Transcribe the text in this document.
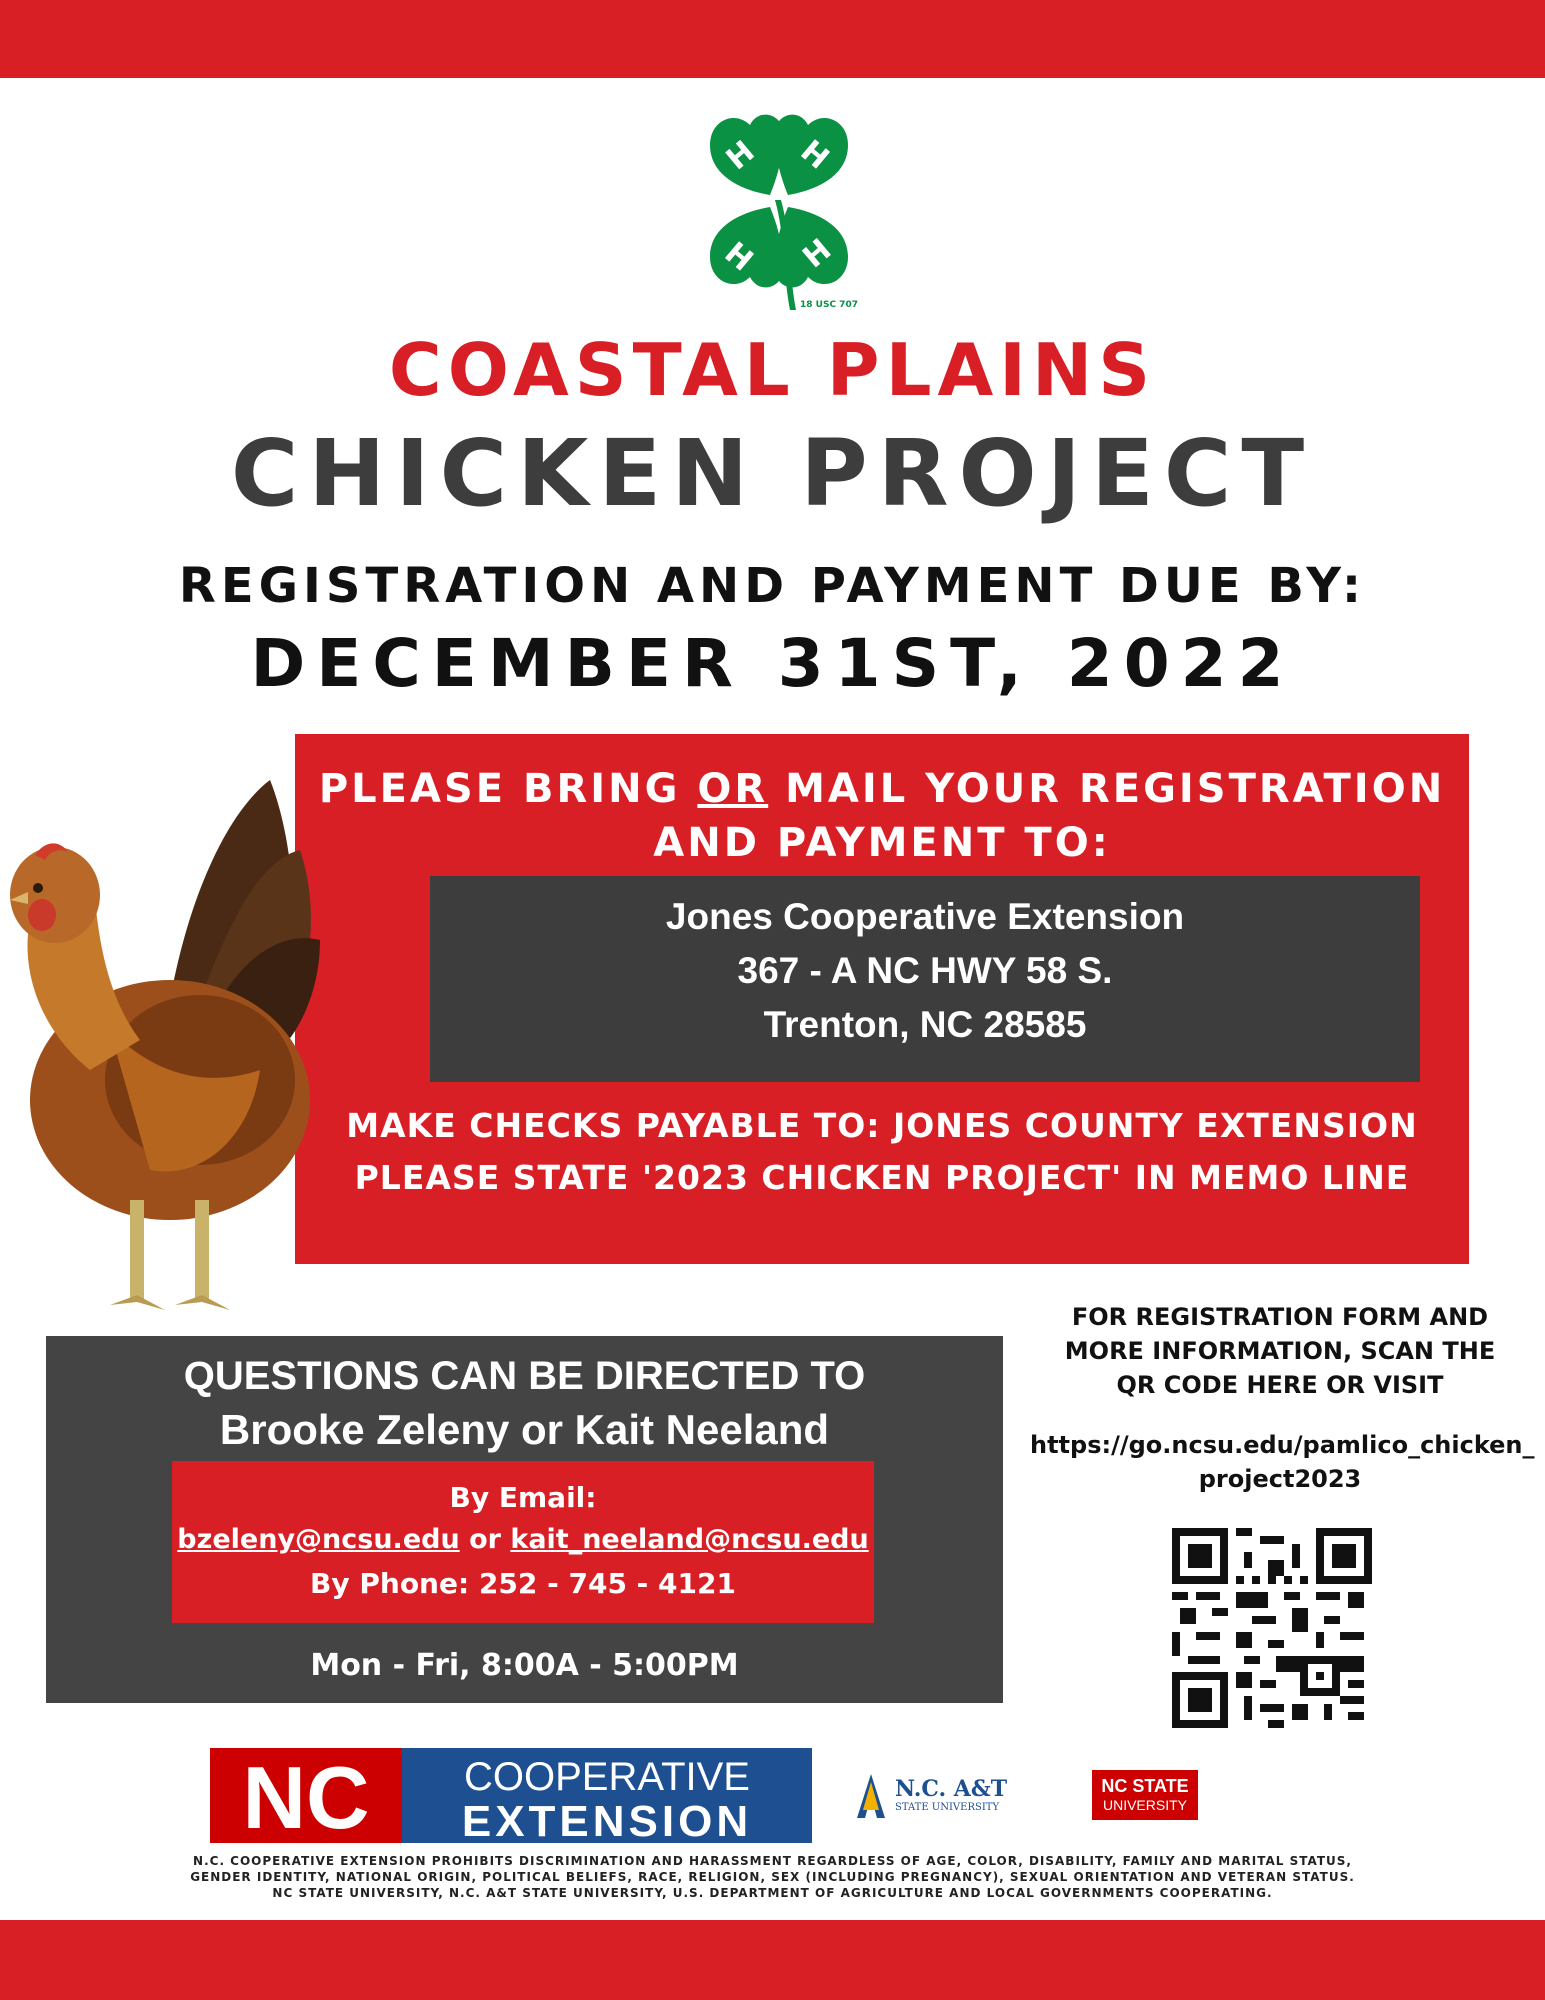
H H
H H
18 USC 707
COASTAL PLAINS
CHICKEN PROJECT
REGISTRATION AND PAYMENT DUE BY:
DECEMBER 31ST, 2022
PLEASE BRING OR MAIL YOUR REGISTRATION
AND PAYMENT TO:
Jones Cooperative Extension
367 - A NC HWY 58 S.
Trenton, NC 28585
MAKE CHECKS PAYABLE TO: JONES COUNTY EXTENSION
PLEASE STATE '2023 CHICKEN PROJECT' IN MEMO LINE
QUESTIONS CAN BE DIRECTED TO
Brooke Zeleny or Kait Neeland
By Email:
bzeleny@ncsu.edu or kait_neeland@ncsu.edu
By Phone: 252 - 745 - 4121
Mon - Fri, 8:00A - 5:00PM
FOR REGISTRATION FORM AND
MORE INFORMATION, SCAN THE
QR CODE HERE OR VISIT
https://go.ncsu.edu/pamlico_chicken_
project2023
NC COOPERATIVE
EXTENSION
N.C. A&T
STATE UNIVERSITY
NC STATE
UNIVERSITY
N.C. COOPERATIVE EXTENSION PROHIBITS DISCRIMINATION AND HARASSMENT REGARDLESS OF AGE, COLOR, DISABILITY, FAMILY AND MARITAL STATUS,
GENDER IDENTITY, NATIONAL ORIGIN, POLITICAL BELIEFS, RACE, RELIGION, SEX (INCLUDING PREGNANCY), SEXUAL ORIENTATION AND VETERAN STATUS.
NC STATE UNIVERSITY, N.C. A&T STATE UNIVERSITY, U.S. DEPARTMENT OF AGRICULTURE AND LOCAL GOVERNMENTS COOPERATING.
